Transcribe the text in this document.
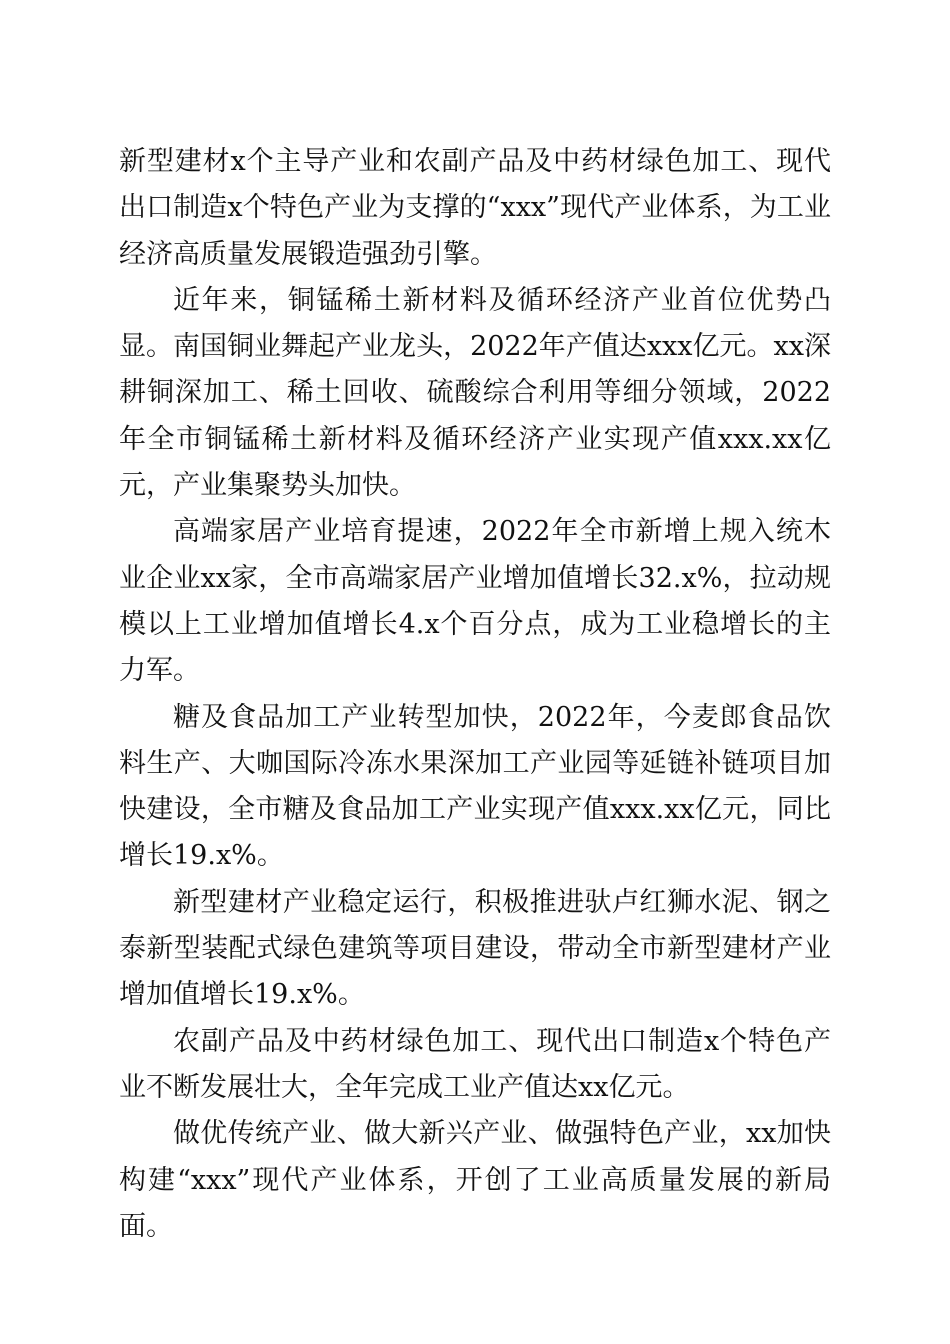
新型建材x个主导产业和农副产品及中药材绿色加工、现代出口制造x个特色产业为支撑的“xxx”现代产业体系，为工业经济高质量发展锻造强劲引擎。

近年来，铜锰稀土新材料及循环经济产业首位优势凸显。南国铜业舞起产业龙头，2022年产值达xxx亿元。xx深耕铜深加工、稀土回收、硫酸综合利用等细分领域，2022年全市铜锰稀土新材料及循环经济产业实现产值xxx.xx亿元，产业集聚势头加快。

高端家居产业培育提速，2022年全市新增上规入统木业企业xx家，全市高端家居产业增加值增长32.x%，拉动规模以上工业增加值增长4.x个百分点，成为工业稳增长的主力军。

糖及食品加工产业转型加快，2022年，今麦郎食品饮料生产、大咖国际冷冻水果深加工产业园等延链补链项目加快建设，全市糖及食品加工产业实现产值xxx.xx亿元，同比增长19.x%。

新型建材产业稳定运行，积极推进驮卢红狮水泥、钢之泰新型装配式绿色建筑等项目建设，带动全市新型建材产业增加值增长19.x%。

农副产品及中药材绿色加工、现代出口制造x个特色产业不断发展壮大，全年完成工业产值达xx亿元。

做优传统产业、做大新兴产业、做强特色产业，xx加快构建“xxx”现代产业体系，开创了工业高质量发展的新局面。
